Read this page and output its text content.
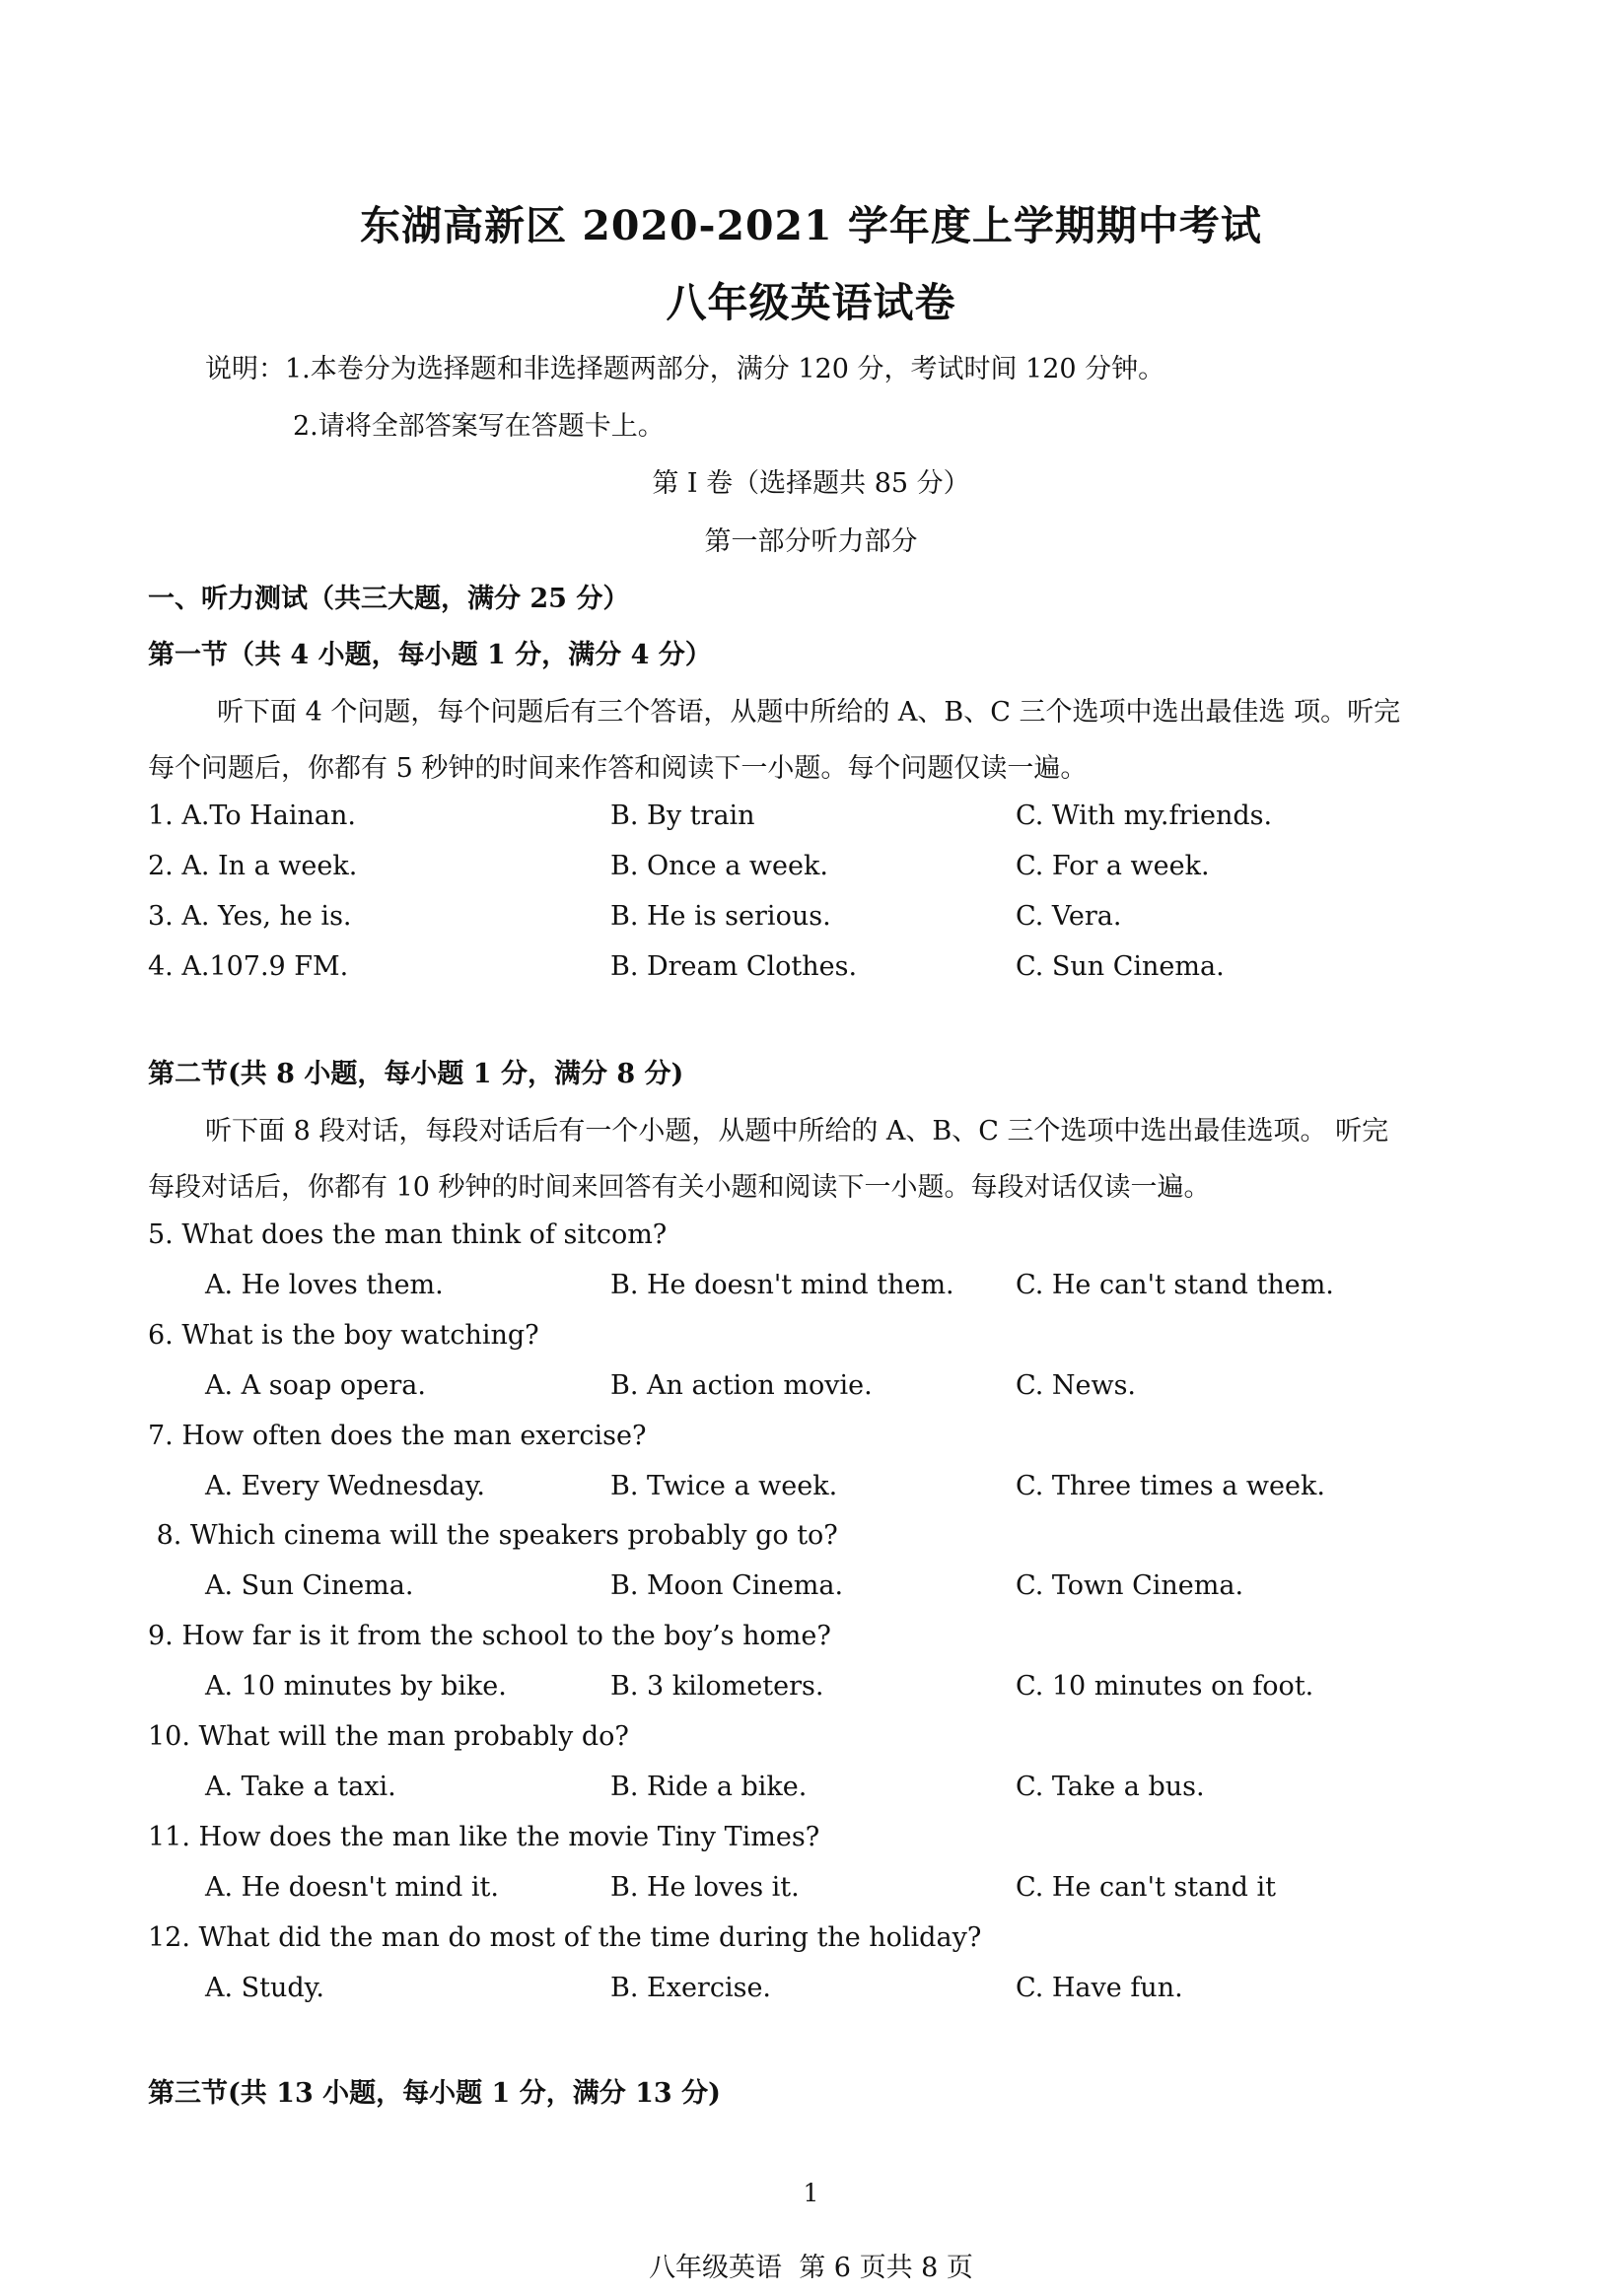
东湖高新区 2020-2021 学年度上学期期中考试
八年级英语试卷
说明：1.本卷分为选择题和非选择题两部分，满分 120 分，考试时间 120 分钟。
2.请将全部答案写在答题卡上。
第 I 卷（选择题共 85 分）
第一部分听力部分
一、听力测试（共三大题，满分 25 分）
第一节（共 4 小题，每小题 1 分，满分 4 分）
听下面 4 个问题，每个问题后有三个答语，从题中所给的 A、B、C 三个选项中选出最佳选 项。听完
每个问题后，你都有 5 秒钟的时间来作答和阅读下一小题。每个问题仅读一遍。
1. A.To Hainan.	B. By train	C. With my.friends.
2. A. In a week.	B. Once a week.	C. For a week.
3. A. Yes, he is.	B. He is serious.	C. Vera.
4. A.107.9 FM.	B. Dream Clothes.	C. Sun Cinema.
第二节(共 8 小题，每小题 1 分，满分 8 分)
听下面 8 段对话，每段对话后有一个小题，从题中所给的 A、B、C 三个选项中选出最佳选项。 听完
每段对话后，你都有 10 秒钟的时间来回答有关小题和阅读下一小题。每段对话仅读一遍。
5. What does the man think of sitcom?
A. He loves them.	B. He doesn't mind them. C. He can't stand them.
6. What is the boy watching?
A. A soap opera.	B. An action movie.	C. News.
7. How often does the man exercise?
A. Every Wednesday.	B. Twice a week.	C. Three times a week.
8. Which cinema will the speakers probably go to?
A. Sun Cinema.	B. Moon Cinema.	C. Town Cinema.
9. How far is it from the school to the boy’s home?
A. 10 minutes by bike.	B. 3 kilometers.	C. 10 minutes on foot.
10. What will the man probably do?
A. Take a taxi.	B. Ride a bike.	C. Take a bus.
11. How does the man like the movie Tiny Times?
A. He doesn't mind it.	B. He loves it.	C. He can't stand it
12. What did the man do most of the time during the holiday?
A. Study.	B. Exercise.	C. Have fun.
第三节(共 13 小题，每小题 1 分，满分 13 分)
1
八年级英语  第 6 页共 8 页
